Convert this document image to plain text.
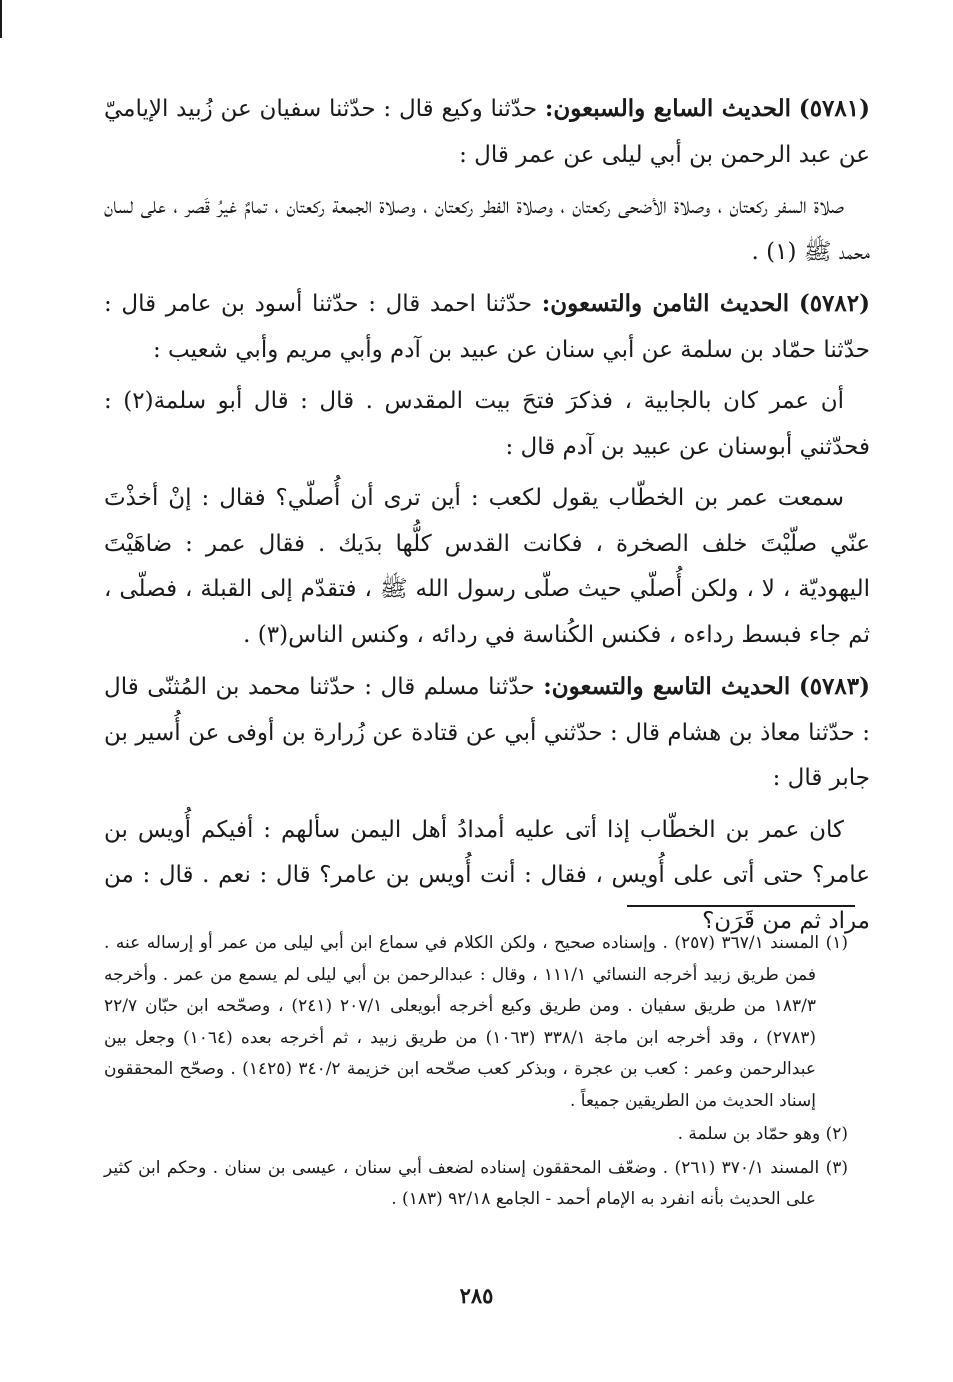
(٥٧٨١) الحديث السابع والسبعون: حدّثنا وكيع قال : حدّثنا سفيان عن زُبيد الإياميّ عن عبد الرحمن بن أبي ليلى عن عمر قال :

صلاة السفر ركعتان ، وصلاة الأضحى ركعتان ، وصلاة الفطر ركعتان ، وصلاة الجمعة ركعتان ، تمامٌ غيرُ قَصر ، على لسان محمد ﷺ (١) .

(٥٧٨٢) الحديث الثامن والتسعون: حدّثنا احمد قال : حدّثنا أسود بن عامر قال : حدّثنا حمّاد بن سلمة عن أبي سنان عن عبيد بن آدم وأبي مريم وأبي شعيب :

أن عمر كان بالجابية ، فذكرَ فتحَ بيت المقدس . قال : قال أبو سلمة(٢) : فحدّثني أبوسنان عن عبيد بن آدم قال :

سمعت عمر بن الخطّاب يقول لكعب : أين ترى أن أُصلّي؟ فقال : إنْ أخذْتَ عنّي صلّيْتَ خلف الصخرة ، فكانت القدس كلُّها بدَيك . فقال عمر : ضاهَيْتَ اليهوديّة ، لا ، ولكن أُصلّي حيث صلّى رسول الله ﷺ ، فتقدّم إلى القبلة ، فصلّى ، ثم جاء فبسط رداءه ، فكنس الكُناسة في ردائه ، وكنس الناس(٣) .

(٥٧٨٣) الحديث التاسع والتسعون: حدّثنا مسلم قال : حدّثنا محمد بن المُثنّى قال : حدّثنا معاذ بن هشام قال : حدّثني أبي عن قتادة عن زُرارة بن أوفى عن أُسير بن جابر قال :

كان عمر بن الخطّاب إذا أتى عليه أمدادُ أهل اليمن سألهم : أفيكم أُويس بن عامر؟ حتى أتى على أُويس ، فقال : أنت أُويس بن عامر؟ قال : نعم . قال : من مراد ثم من قَرَن؟

(١) المسند ٣٦٧/١ (٢٥٧) . وإسناده صحيح ، ولكن الكلام في سماع ابن أبي ليلى من عمر أو إرساله عنه . فمن طريق زبيد أخرجه النسائي ١١١/١ ، وقال : عبدالرحمن بن أبي ليلى لم يسمع من عمر . وأخرجه ١٨٣/٣ من طريق سفيان . ومن طريق وكيع أخرجه أبويعلى ٢٠٧/١ (٢٤١) ، وصحّحه ابن حبّان ٢٢/٧ (٢٧٨٣) ، وقد أخرجه ابن ماجة ٣٣٨/١ (١٠٦٣) من طريق زبيد ، ثم أخرجه بعده (١٠٦٤) وجعل بين عبدالرحمن وعمر : كعب بن عجرة ، وبذكر كعب صحّحه ابن خزيمة ٣٤٠/٢ (١٤٢٥) . وصحّح المحققون إسناد الحديث من الطريقين جميعاً .

(٢) وهو حمّاد بن سلمة .

(٣) المسند ٣٧٠/١ (٢٦١) . وضعّف المحققون إسناده لضعف أبي سنان ، عيسى بن سنان . وحكم ابن كثير على الحديث بأنه انفرد به الإمام أحمد - الجامع ٩٢/١٨ (١٨٣) .

٢٨٥
